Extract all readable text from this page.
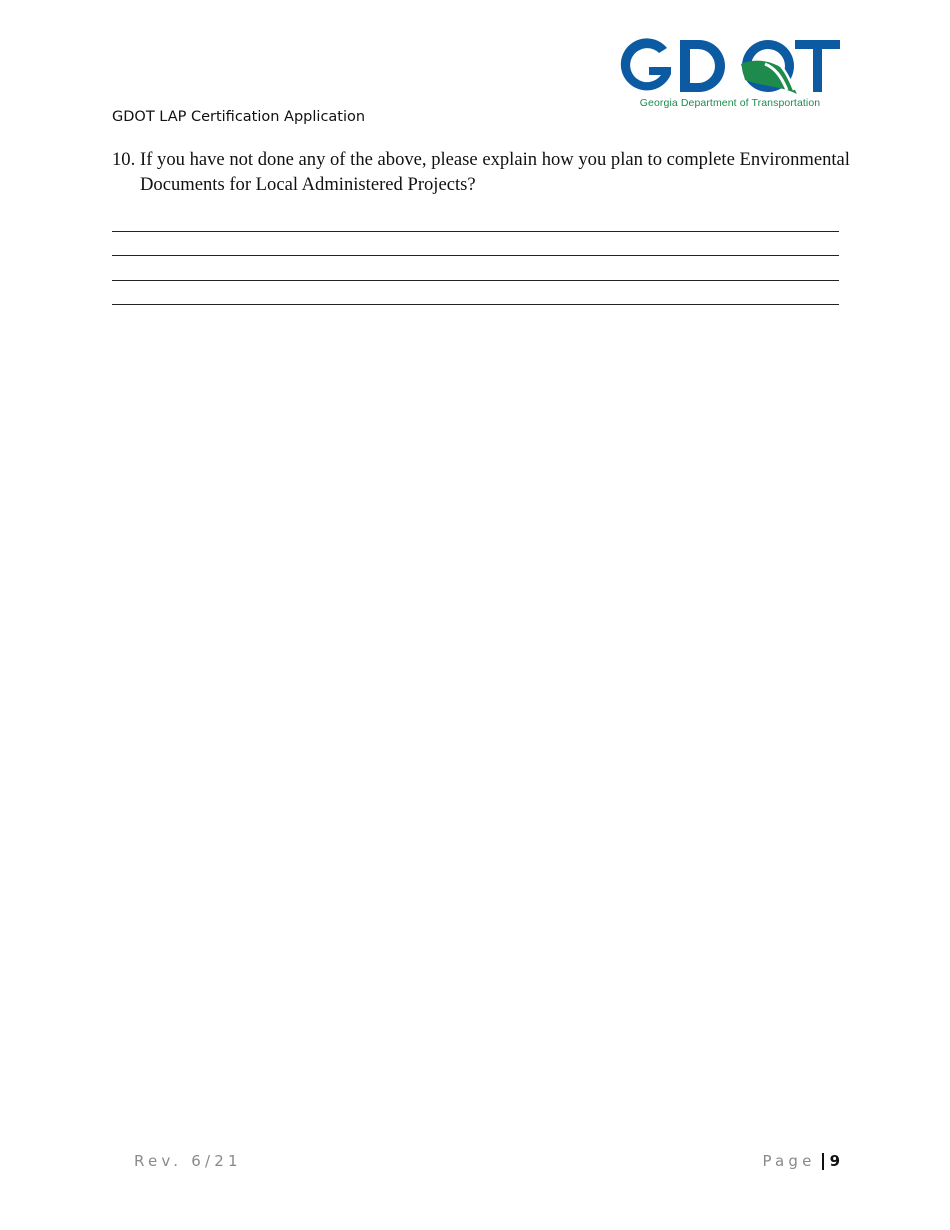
Georgia Department of Transportation
GDOT LAP Certification Application
10. If you have not done any of the above, please explain how you plan to complete Environmental
Documents for Local Administered Projects?
Rev. 6/21	Page 9
